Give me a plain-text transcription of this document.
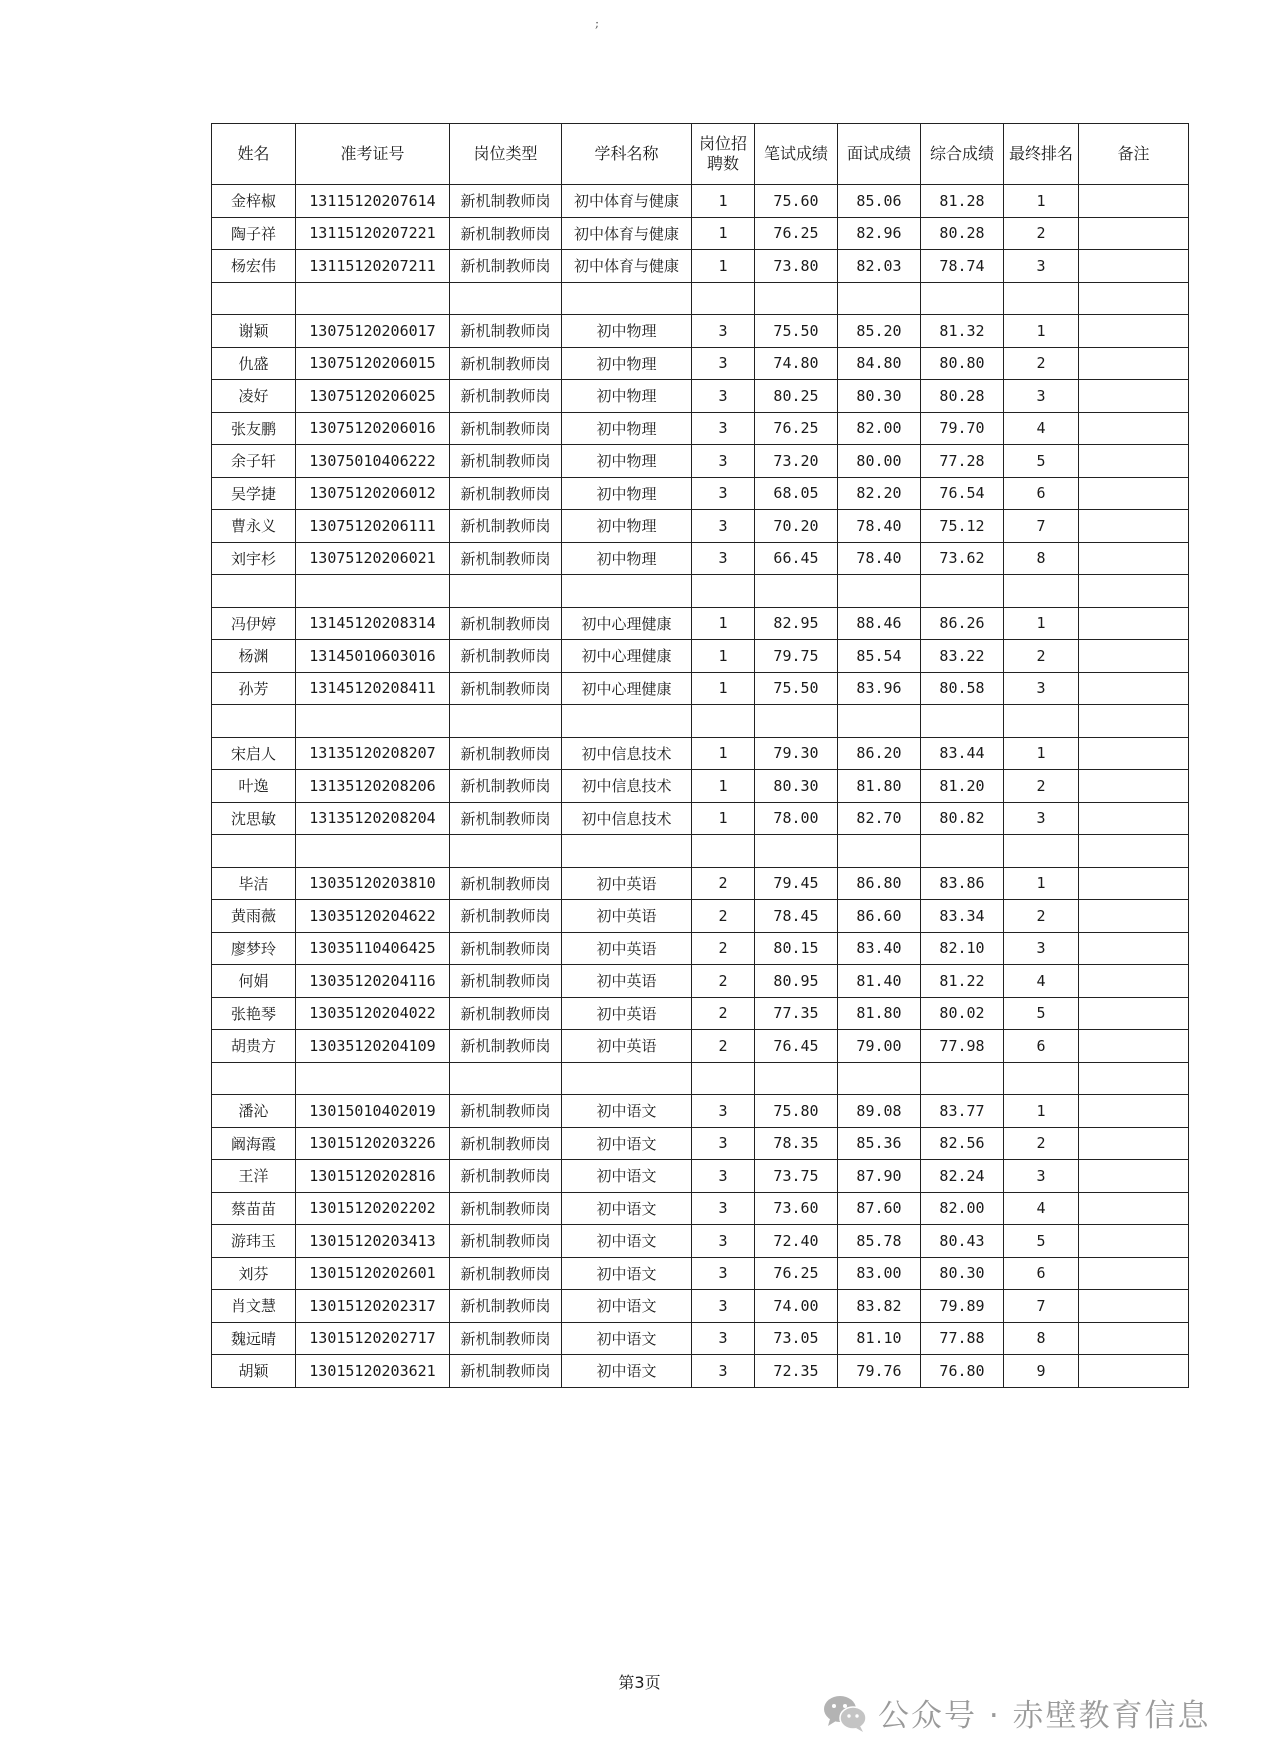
;
姓名	准考证号	岗位类型	学科名称	岗位招聘数	笔试成绩	面试成绩	综合成绩	最终排名	备注
金梓椒	13115120207614	新机制教师岗	初中体育与健康	1	75.60	85.06	81.28	1	
陶子祥	13115120207221	新机制教师岗	初中体育与健康	1	76.25	82.96	80.28	2	
杨宏伟	13115120207211	新机制教师岗	初中体育与健康	1	73.80	82.03	78.74	3	

谢颖	13075120206017	新机制教师岗	初中物理	3	75.50	85.20	81.32	1	
仇盛	13075120206015	新机制教师岗	初中物理	3	74.80	84.80	80.80	2	
凌好	13075120206025	新机制教师岗	初中物理	3	80.25	80.30	80.28	3	
张友鹏	13075120206016	新机制教师岗	初中物理	3	76.25	82.00	79.70	4	
余子轩	13075010406222	新机制教师岗	初中物理	3	73.20	80.00	77.28	5	
吴学捷	13075120206012	新机制教师岗	初中物理	3	68.05	82.20	76.54	6	
曹永义	13075120206111	新机制教师岗	初中物理	3	70.20	78.40	75.12	7	
刘宇杉	13075120206021	新机制教师岗	初中物理	3	66.45	78.40	73.62	8	

冯伊婷	13145120208314	新机制教师岗	初中心理健康	1	82.95	88.46	86.26	1	
杨渊	13145010603016	新机制教师岗	初中心理健康	1	79.75	85.54	83.22	2	
孙芳	13145120208411	新机制教师岗	初中心理健康	1	75.50	83.96	80.58	3	

宋启人	13135120208207	新机制教师岗	初中信息技术	1	79.30	86.20	83.44	1	
叶逸	13135120208206	新机制教师岗	初中信息技术	1	80.30	81.80	81.20	2	
沈思敏	13135120208204	新机制教师岗	初中信息技术	1	78.00	82.70	80.82	3	

毕洁	13035120203810	新机制教师岗	初中英语	2	79.45	86.80	83.86	1	
黄雨薇	13035120204622	新机制教师岗	初中英语	2	78.45	86.60	83.34	2	
廖梦玲	13035110406425	新机制教师岗	初中英语	2	80.15	83.40	82.10	3	
何娟	13035120204116	新机制教师岗	初中英语	2	80.95	81.40	81.22	4	
张艳琴	13035120204022	新机制教师岗	初中英语	2	77.35	81.80	80.02	5	
胡贵方	13035120204109	新机制教师岗	初中英语	2	76.45	79.00	77.98	6	

潘沁	13015010402019	新机制教师岗	初中语文	3	75.80	89.08	83.77	1	
阚海霞	13015120203226	新机制教师岗	初中语文	3	78.35	85.36	82.56	2	
王洋	13015120202816	新机制教师岗	初中语文	3	73.75	87.90	82.24	3	
蔡苗苗	13015120202202	新机制教师岗	初中语文	3	73.60	87.60	82.00	4	
游玮玉	13015120203413	新机制教师岗	初中语文	3	72.40	85.78	80.43	5	
刘芬	13015120202601	新机制教师岗	初中语文	3	76.25	83.00	80.30	6	
肖文慧	13015120202317	新机制教师岗	初中语文	3	74.00	83.82	79.89	7	
魏远晴	13015120202717	新机制教师岗	初中语文	3	73.05	81.10	77.88	8	
胡颖	13015120203621	新机制教师岗	初中语文	3	72.35	79.76	76.80	9	
第3页
公众号 · 赤壁教育信息
